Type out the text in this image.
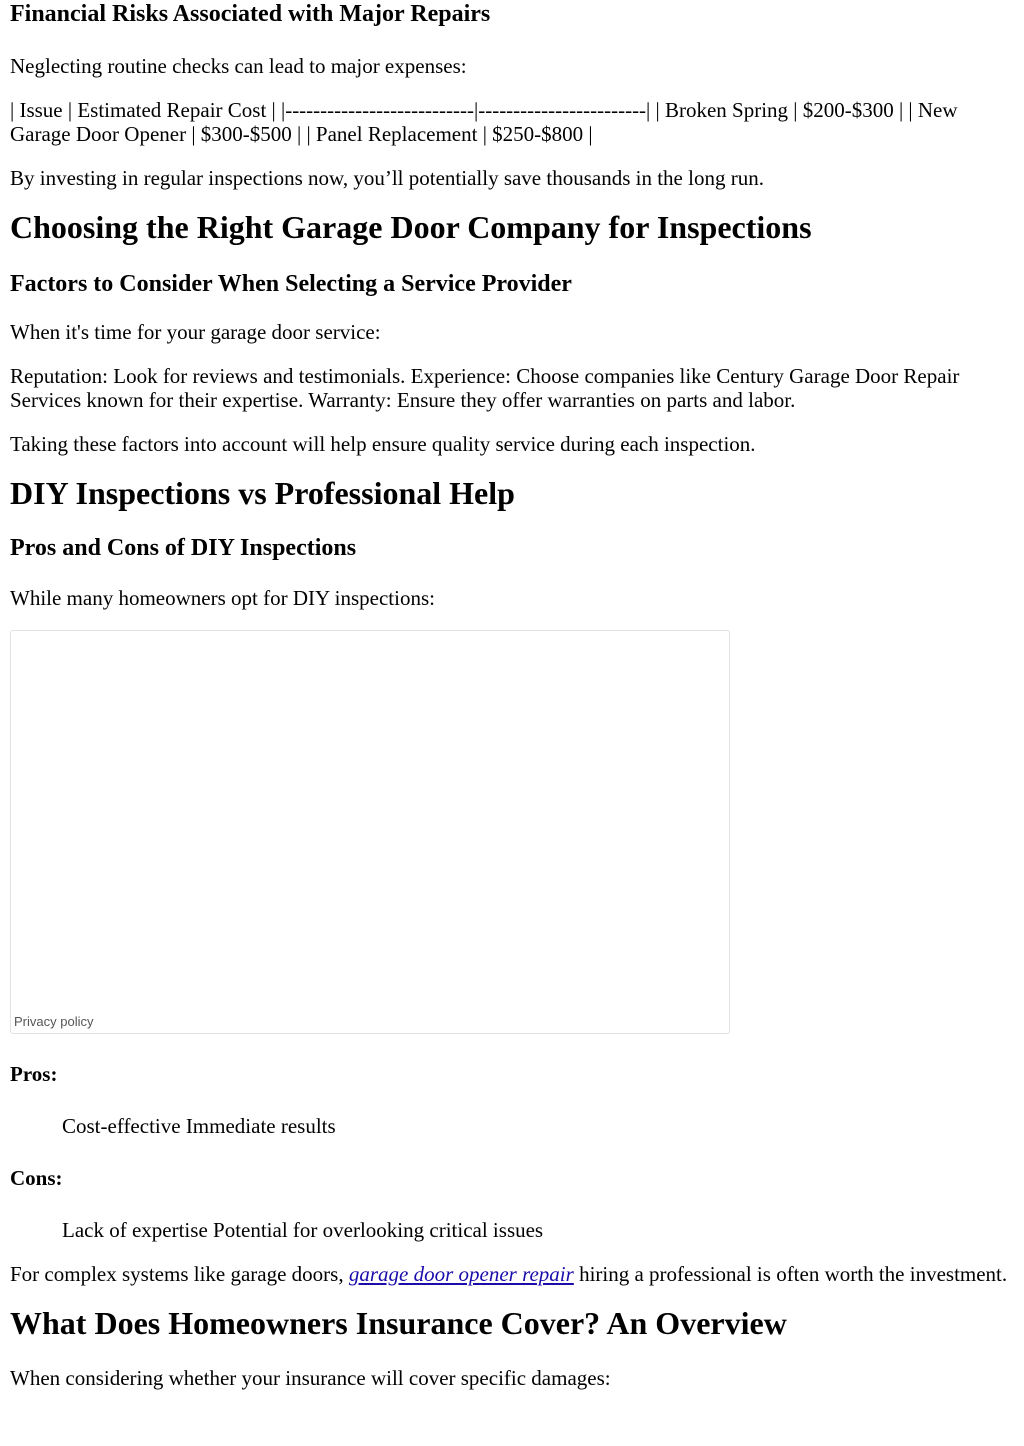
Financial Risks Associated with Major Repairs

Neglecting routine checks can lead to major expenses:

| Issue | Estimated Repair Cost | |---------------------------|------------------------| | Broken Spring | $200-$300 | | New Garage Door Opener | $300-$500 | | Panel Replacement | $250-$800 |

By investing in regular inspections now, you’ll potentially save thousands in the long run.

Choosing the Right Garage Door Company for Inspections
Factors to Consider When Selecting a Service Provider

When it's time for your garage door service:

Reputation: Look for reviews and testimonials. Experience: Choose companies like Century Garage Door Repair Services known for their expertise. Warranty: Ensure they offer warranties on parts and labor.

Taking these factors into account will help ensure quality service during each inspection.

DIY Inspections vs Professional Help
Pros and Cons of DIY Inspections

While many homeowners opt for DIY inspections:

Privacy policy

Pros:

Cost-effective Immediate results

Cons:

Lack of expertise Potential for overlooking critical issues

For complex systems like garage doors, garage door opener repair hiring a professional is often worth the investment.

What Does Homeowners Insurance Cover? An Overview

When considering whether your insurance will cover specific damages:
